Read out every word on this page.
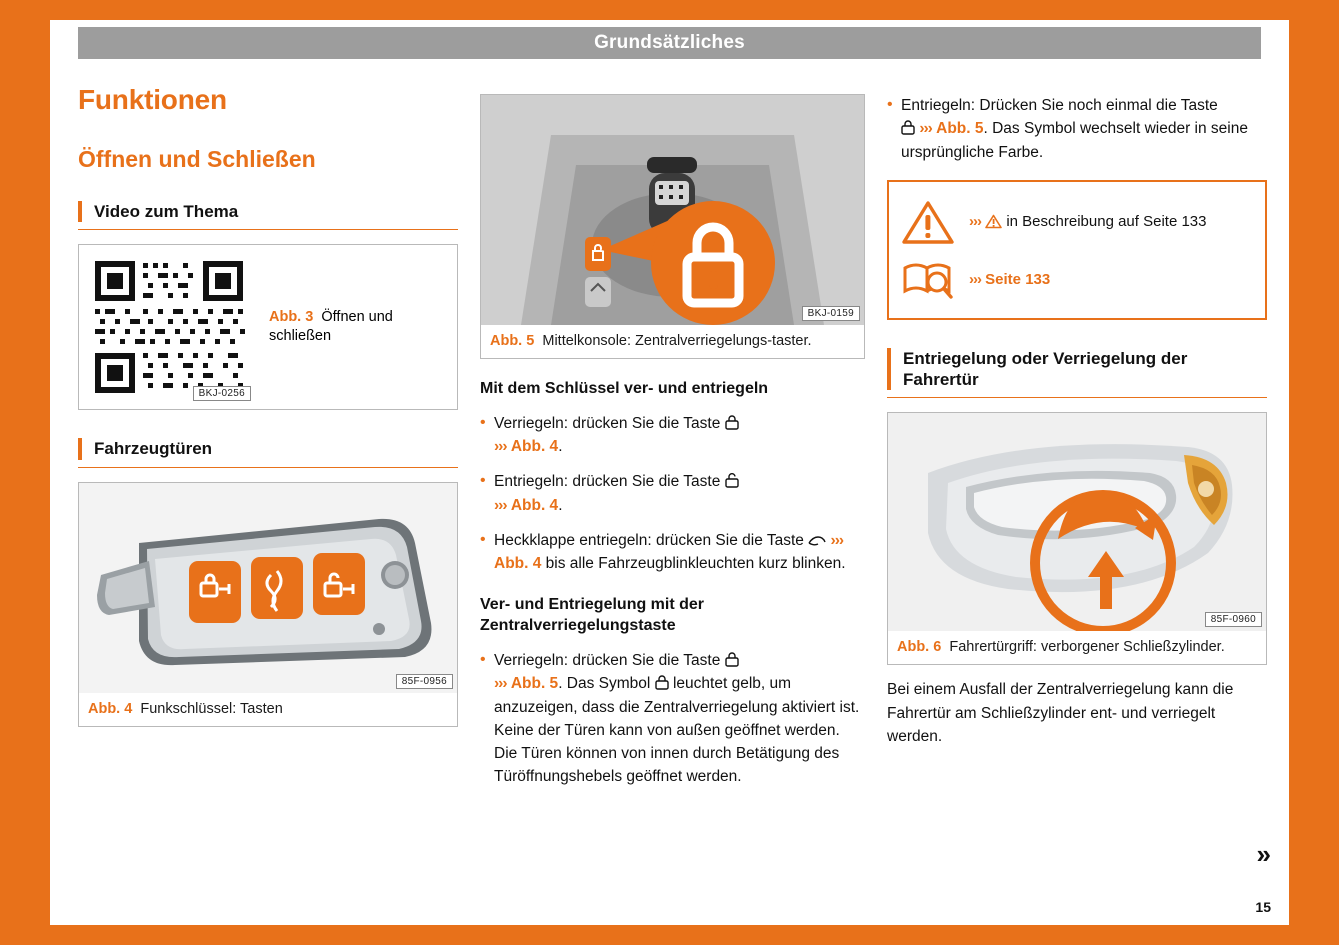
Grundsätzliches
Funktionen
Öffnen und Schließen
Video zum Thema
BKJ-0256
Abb. 3 Öffnen und schließen
Fahrzeugtüren
85F-0956
Abb. 4 Funkschlüssel: Tasten
BKJ-0159
Abb. 5 Mittelkonsole: Zentralverriegelungs-taster.
Mit dem Schlüssel ver- und entriegeln

• Verriegeln: drücken Sie die Taste
››› Abb. 4.

• Entriegeln: drücken Sie die Taste
››› Abb. 4.

• Heckklappe entriegeln: drücken Sie die Taste  ››› Abb. 4 bis alle Fahrzeugblinkleuchten kurz blinken.

Ver- und Entriegelung mit der Zentralverriegelungstaste

• Verriegeln: drücken Sie die Taste
››› Abb. 5. Das Symbol  leuchtet gelb, um anzuzeigen, dass die Zentralverriegelung aktiviert ist. Keine der Türen kann von außen geöffnet werden. Die Türen können von innen durch Betätigung des Türöffnungshebels geöffnet werden.

• Entriegeln: Drücken Sie noch einmal die Taste
››› Abb. 5. Das Symbol wechselt wieder in seine ursprüngliche Farbe.

›››  in Beschreibung auf Seite 133
››› Seite 133
Entriegelung oder Verriegelung der Fahrertür
85F-0960
Abb. 6 Fahrertürgriff: verborgener Schließzylinder.

Bei einem Ausfall der Zentralverriegelung kann die Fahrertür am Schließzylinder ent- und verriegelt werden.

»
15
